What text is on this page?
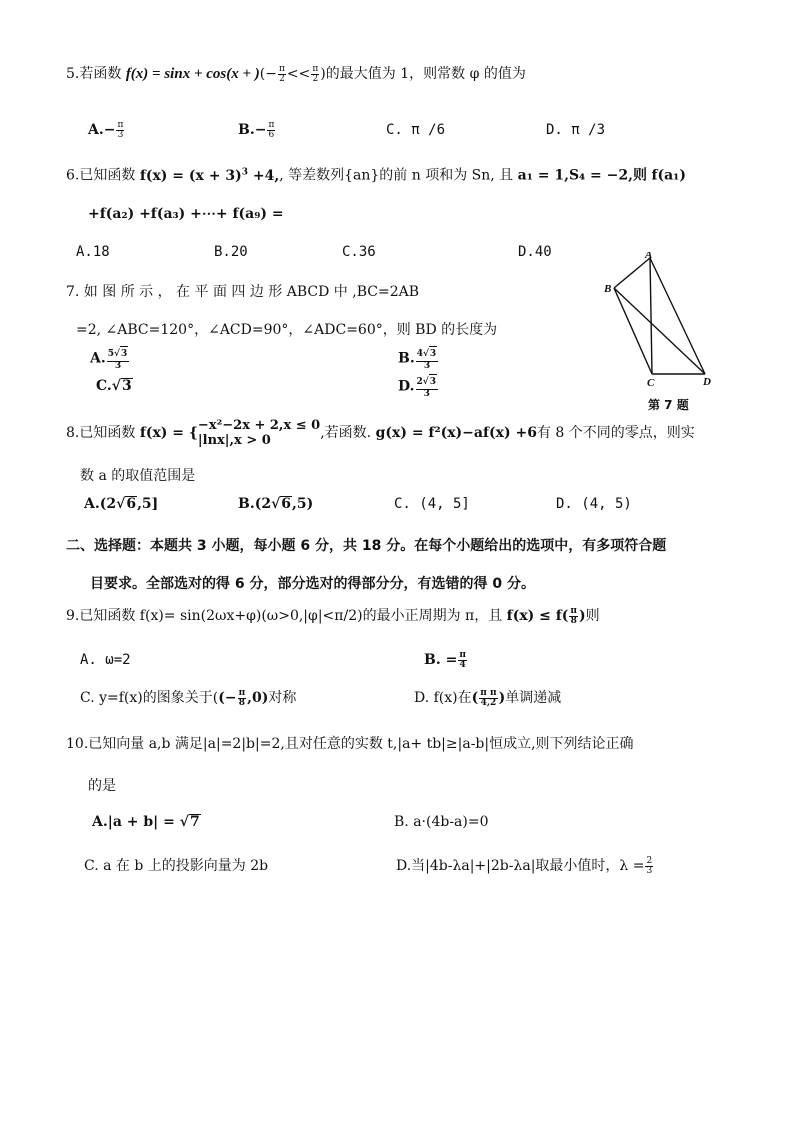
5.若函数 f(x) = sinx + cos(x + )(− $\frac{\pi}{2} << \frac{\pi}{2}$ )的最大值为 1，则常数 φ 的值为
$A.- \frac{\pi}{3}$	$B.- \frac{\pi}{6}$	C. π /6	D. π /3
6.已知函数 $f(x) = (x + 3)^3 +4$,, 等差数列{an}的前 n 项和为 Sn, 且 a₁ = 1,S₄ = −2,则 f(a₁)
+f(a₂) +f(a₃) +⋯+ f(a₉) =
A.18	B.20	C.36	D.40
7. 如 图 所 示 ， 在 平 面 四 边 形 ABCD 中 ,BC=2AB
=2, ∠ABC=120°，∠ACD=90°，∠ADC=60°，则 BD 的长度为
A. $\frac{5√3}{3}$	B. $\frac{4√3}{3}$
C.√3	D. $\frac{2√3}{3}$
A
B
C	D
第 7 题
8.已知函数 f(x) = { −x²−2x + 2,x ≤ 0
|lnx|,x > 0	,若函数. g(x) = f²(x)−af(x) +6有 8 个不同的零点，则实
数 a 的取值范围是
A.(2√6,5]	B.(2√6,5)	C. (4, 5]	D. (4, 5)
二、选择题：本题共 3 小题，每小题 6 分，共 18 分。在每个小题给出的选项中，有多项符合题
目要求。全部选对的得 6 分，部分选对的得部分分，有选错的得 0 分。
9.已知函数 f(x)= sin(2ωx+φ)(ω>0,|φ|<π/2)的最小正周期为 π，且 $f(x) \le f( \frac{\pi}{8}$ )则
A. ω=2	B. = $\frac{\pi}{4}$
C. y=f(x)的图象关于((− $\frac{\pi}{8} ,0$)对称	D. f(x)在( $\frac{\text{π π}}{4,2}$ )单调递减
10.已知向量 a,b 满足|a|=2|b|=2,且对任意的实数 t,|a+ tb|≥|a-b|恒成立,则下列结论正确
的是
A.|a + b| = √7	B. a·(4b-a)=0
C. a 在 b 上的投影向量为 2b	D.当|4b-λa|+|2b-λa|取最小值时，$\lambda = \frac{2}{3}$
